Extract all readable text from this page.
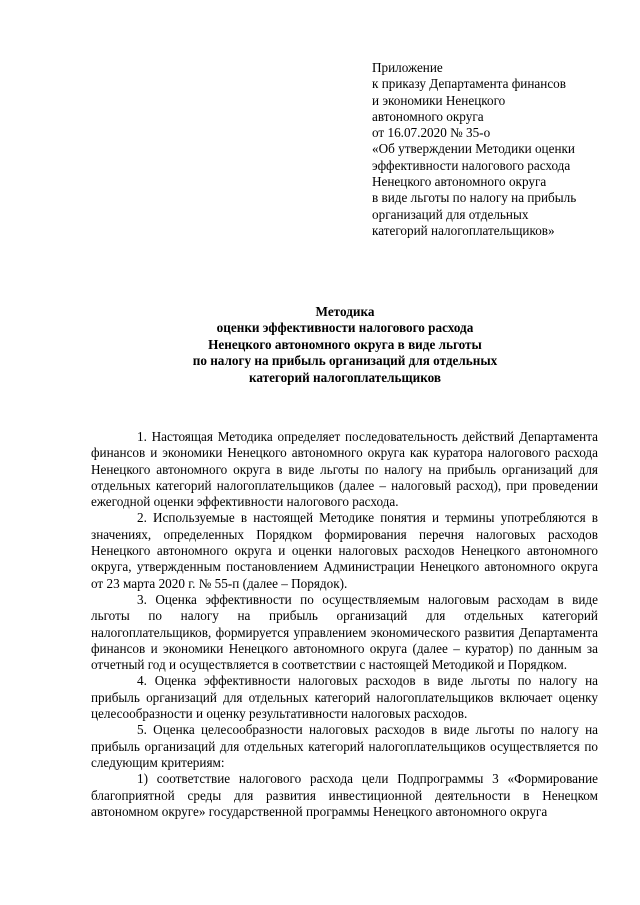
Приложение
к приказу Департамента финансов
и экономики Ненецкого
автономного округа
от 16.07.2020 № 35-о
«Об утверждении Методики оценки
эффективности налогового расхода
Ненецкого автономного округа
в виде льготы по налогу на прибыль
организаций для отдельных
категорий налогоплательщиков»
Методика
оценки эффективности налогового расхода
Ненецкого автономного округа в виде льготы
по налогу на прибыль организаций для отдельных
категорий налогоплательщиков

1. Настоящая Методика определяет последовательность действий Департамента финансов и экономики Ненецкого автономного округа как куратора налогового расхода Ненецкого автономного округа в виде льготы по налогу на прибыль организаций для отдельных категорий налогоплательщиков (далее – налоговый расход), при проведении ежегодной оценки эффективности налогового расхода.

2. Используемые в настоящей Методике понятия и термины употребляются в значениях, определенных Порядком формирования перечня налоговых расходов Ненецкого автономного округа и оценки налоговых расходов Ненецкого автономного округа, утвержденным постановлением Администрации Ненецкого автономного округа от 23 марта 2020 г. № 55-п (далее – Порядок).

3. Оценка эффективности по осуществляемым налоговым расходам в виде льготы по налогу на прибыль организаций для отдельных категорий налогоплательщиков, формируется управлением экономического развития Департамента финансов и экономики Ненецкого автономного округа (далее – куратор) по данным за отчетный год и осуществляется в соответствии с настоящей Методикой и Порядком.

4. Оценка эффективности налоговых расходов в виде льготы по налогу на прибыль организаций для отдельных категорий налогоплательщиков включает оценку целесообразности и оценку результативности налоговых расходов.

5. Оценка целесообразности налоговых расходов в виде льготы по налогу на прибыль организаций для отдельных категорий налогоплательщиков осуществляется по следующим критериям:

1) соответствие налогового расхода цели Подпрограммы 3 «Формирование благоприятной среды для развития инвестиционной деятельности в Ненецком автономном округе» государственной программы Ненецкого автономного округа
